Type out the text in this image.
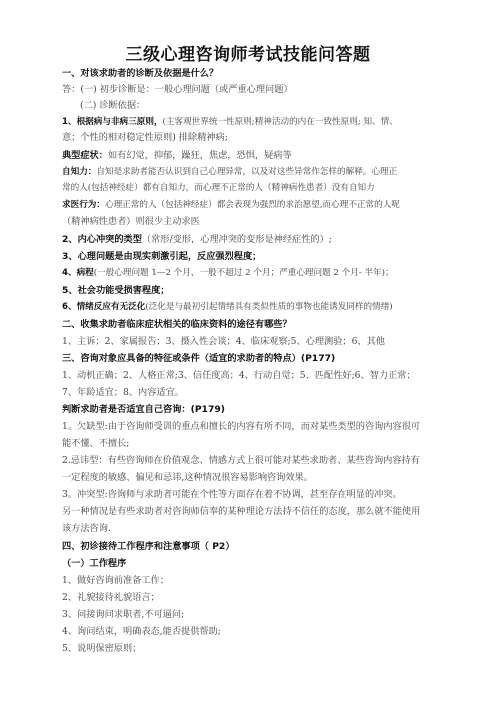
三级心理咨询师考试技能问答题
一、对该求助者的诊断及依据是什么？
答：(一) 初步诊断是：一般心理问题（或严重心理问题）
(二) 诊断依据：
1、根据病与非病三原则，(主客观世界统一性原则;精神活动的内在一致性原则; 知、情、
意；个性的相对稳定性原则) 排除精神病;
典型症状：如有幻觉，抑郁，躁狂，焦虑，恐惧，疑病等
自知力：自知是求助者能否认识到自己心理异常，以及对这些异常作怎样的解释。心理正
常的人(包括神经症）都有自知力，而心理不正常的人（精神病性患者）没有自知力
求医行为：心理正常的人（包括神经症）都会表现为强烈的求治愿望,而心理不正常的人呢
（精神病性患者）则很少主动求医
2、内心冲突的类型（常形/变形，心理冲突的变形是神经症性的）;
3、心理问题是由现实刺激引起，反应强烈程度；
4、病程(一般心理问题 1—2 个月，一般不超过 2 个月；严重心理问题 2 个月- 半年)；
5、社会功能受损害程度；
6、情绪反应有无泛化(泛化是与最初引起情绪具有类似性质的事物也能诱发同样的情绪)
二、收集求助者临床症状相关的临床资料的途径有哪些？
1、主诉；2、家属报告；3、摄入性会谈；4、临床观察;5、心理测验；6、其他
三、咨询对象应具备的特征或条件（适宜的求助者的特点）(P177)
1、动机正确；2、人格正常;3、信任度高；4、行动自觉；5、匹配性好;6、智力正常；
7、年龄适宜；8、内容适宜。
判断求助者是否适宜自己咨询：(P179)
1。欠缺型:由于咨询师受训的重点和擅长的内容有所不同，而对某些类型的咨询内容很可
能不懂、不擅长;
2.忌讳型：有些咨询师在价值观念、情感方式上很可能对某些求助者、某些咨询内容持有
一定程度的敏感、偏见和忌讳,这种情况很容易影响咨询效果。
3。冲突型:咨询师与求助者可能在个性等方面存在着不协调，甚至存在明显的冲突。
另一种情况是有些求助者对咨询师信奉的某种理论方法持不信任的态度，那么就不能使用
该方法咨询.
四、初诊接待工作程序和注意事项（ P2）
（一）工作程序
1、做好咨询前准备工作；
2、礼貌接待礼貌语言；
3、问接询问求职者,不可逼问;
4、询问结束，明确表态,能否提供帮助;
5、说明保密原则；
